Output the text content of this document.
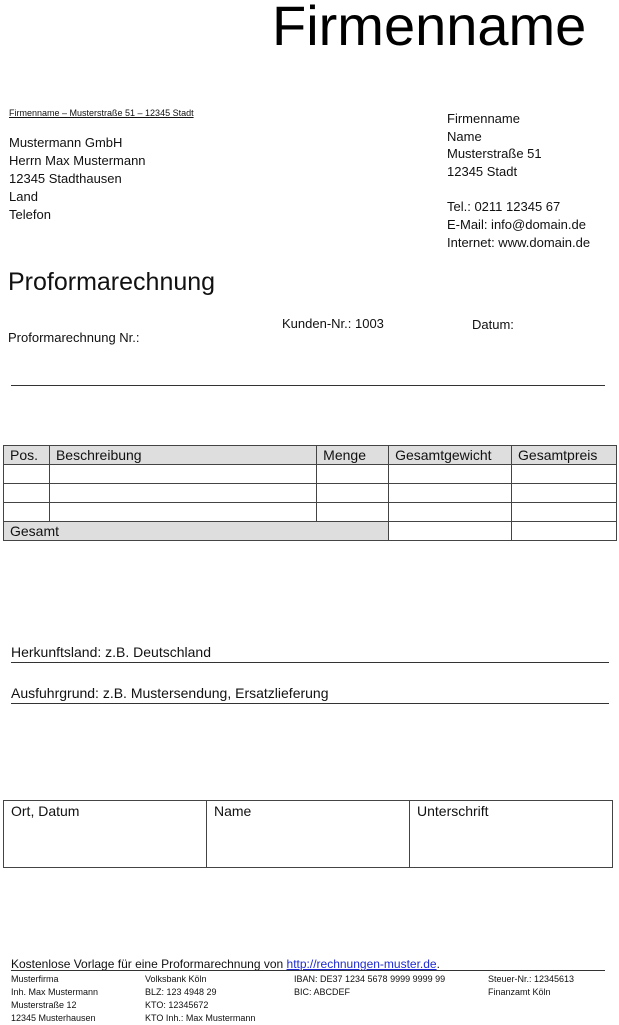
Firmenname
Firmenname – Musterstraße 51 – 12345 Stadt
Mustermann GmbH
Herrn Max Mustermann
12345 Stadthausen
Land
Telefon
Firmenname
Name
Musterstraße 51
12345 Stadt
Tel.: 0211 12345 67
E-Mail: info@domain.de
Internet: www.domain.de
Proformarechnung
Proformarechnung Nr.:
Kunden-Nr.: 1003	Datum:
Pos.	Beschreibung	Menge	Gesamtgewicht	Gesamtpreis

Gesamt				
Herkunftsland: z.B. Deutschland
Ausfuhrgrund: z.B. Mustersendung, Ersatzlieferung
Ort, Datum	Name	Unterschrift
Kostenlose Vorlage für eine Proformarechnung von http://rechnungen-muster.de.
Musterfirma
Inh. Max Mustermann
Musterstraße 12
12345 Musterhausen
Volksbank Köln
BLZ: 123 4948 29
KTO: 12345672
KTO Inh.: Max Mustermann
IBAN: DE37 1234 5678 9999 9999 99
BIC: ABCDEF
Steuer-Nr.: 12345613
Finanzamt Köln
